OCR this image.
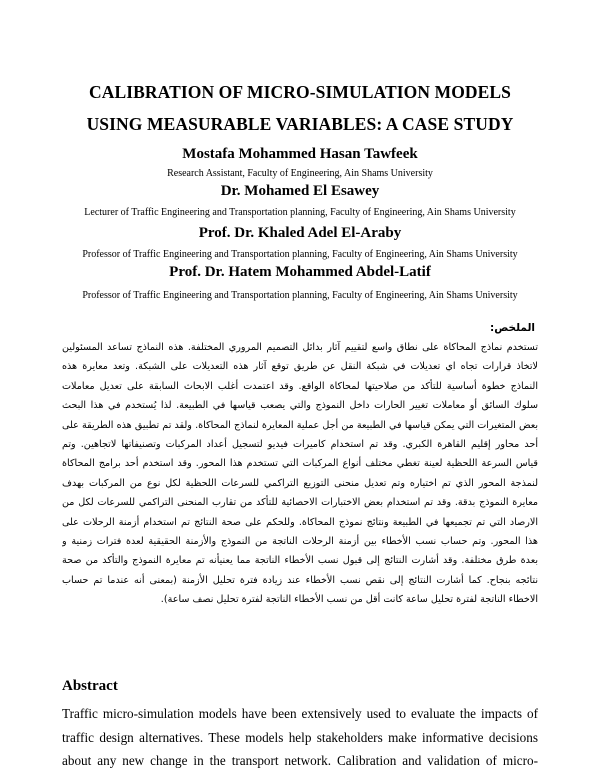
CALIBRATION OF MICRO-SIMULATION MODELS
USING MEASURABLE VARIABLES: A CASE STUDY
Mostafa Mohammed Hasan Tawfeek
Research Assistant, Faculty of Engineering, Ain Shams University
Dr. Mohamed El Esawey
Lecturer of Traffic Engineering and Transportation planning, Faculty of Engineering, Ain Shams University
Prof. Dr. Khaled Adel El-Araby
Professor of Traffic Engineering and Transportation planning, Faculty of Engineering, Ain Shams University
Prof. Dr. Hatem Mohammed Abdel-Latif
Professor of Traffic Engineering and Transportation planning, Faculty of Engineering, Ain Shams University
الملخص:
تستخدم نماذج المحاكاة على نطاق واسع لتقييم آثار بدائل التصميم المروري المختلفة. هذه النماذج تساعد المسئولين
لاتخاذ قرارات تجاه اي تعديلات في شبكة النقل عن طريق توقع آثار هذه التعديلات على الشبكة. وتعد معايرة هذه
النماذج خطوة أساسية للتأكد من صلاحيتها لمحاكاة الواقع. وقد اعتمدت أغلب الابحاث السابقة على تعديل معاملات
سلوك السائق أو معاملات تغيير الحارات داخل النموذج والتي يصعب قياسها في الطبيعة. لذا يُستخدم في هذا البحث
بعض المتغيرات التي يمكن قياسها في الطبيعة من أجل عملية المعايرة لنماذج المحاكاة. ولقد تم تطبيق هذه الطريقة على
أحد محاور إقليم القاهرة الكبري. وقد تم استخدام كاميرات فيديو لتسجيل أعداد المركبات وتصنيفاتها لاتجاهين. وتم
قياس السرعة اللحظية لعينة تغطي مختلف أنواع المركبات التي تستخدم هذا المحور. وقد استخدم أحد برامج المحاكاة
لنمذجة المحور الذي تم اختياره وتم تعديل منحنى التوزيع التراكمي للسرعات اللحظية لكل نوع من المركبات بهدف
معايرة النموذج بدقة. وقد تم استخدام بعض الاختبارات الاحصائية للتأكد من تقارب المنحنى التراكمي للسرعات لكل من
الارصاد التي تم تجميعها في الطبيعة ونتائج نموذج المحاكاة. وللحكم على صحة النتائج تم استخدام أزمنة الرحلات على
هذا المحور. وتم حساب نسب الأخطاء بين أزمنة الرحلات الناتجة من النموذج والأزمنة الحقيقية لعدة فترات زمنية و
بعدة طرق مختلفة. وقد أشارت النتائج إلى قبول نسب الأخطاء الناتجة مما يعنيأنه تم معايرة النموذج والتأكد من صحة
نتائجه بنجاح. كما أشارت النتائج إلى نقص نسب الأخطاء عند زيادة فترة تحليل الأزمنة (بمعنى أنه عندما تم حساب
الاخطاء الناتجة لفترة تحليل ساعة كانت أقل من نسب الأخطاء الناتجة لفترة تحليل نصف ساعة).
Abstract
Traffic micro-simulation models have been extensively used to evaluate the impacts of
traffic design alternatives. These models help stakeholders make informative decisions
about any new change in the transport network. Calibration and validation of micro-
